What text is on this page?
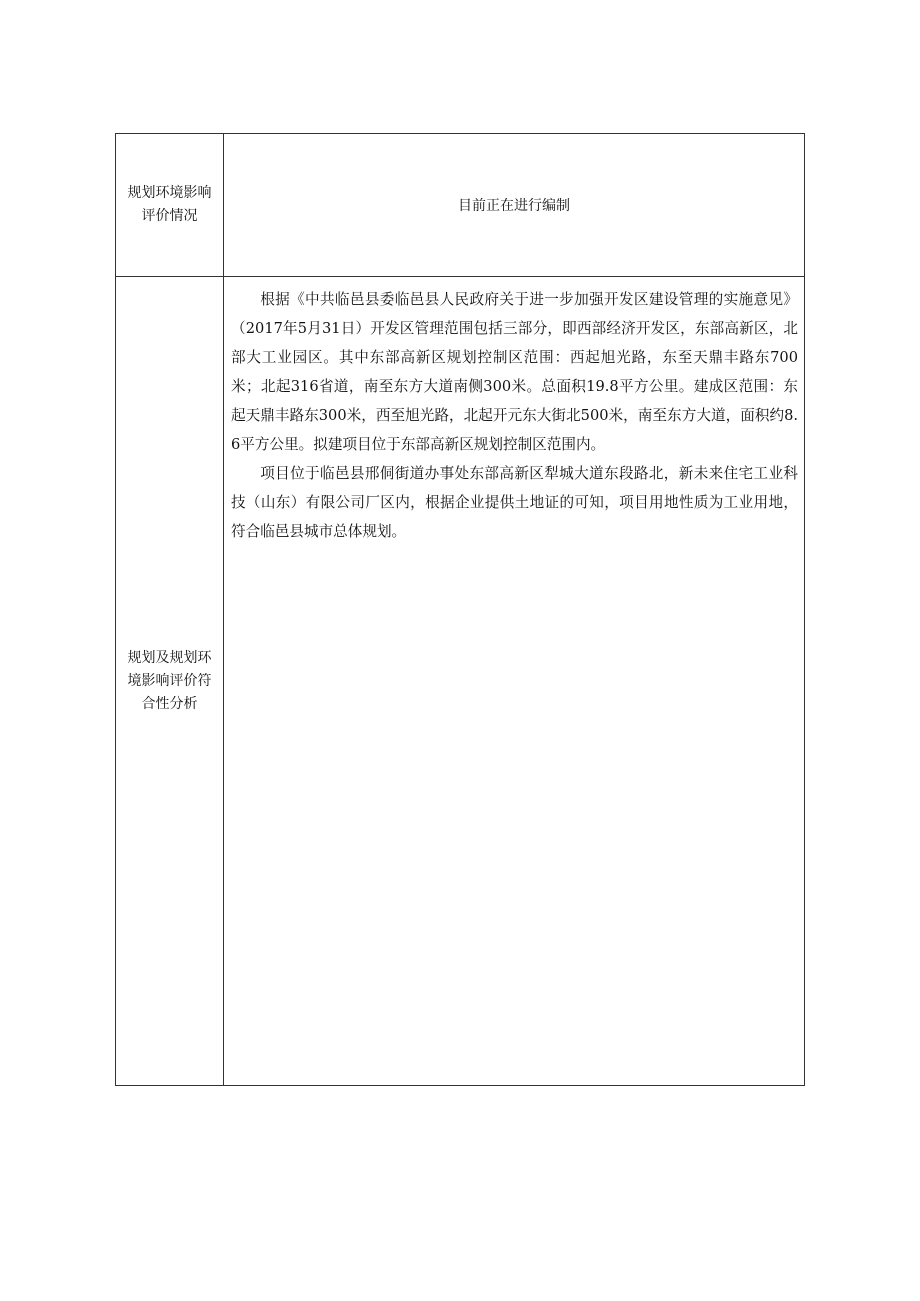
规划环境影响评价情况	目前正在进行编制
规划及规划环境影响评价符合性分析	根据《中共临邑县委临邑县人民政府关于进一步加强开发区建设管理的实施意见》（2017年5月31日）开发区管理范围包括三部分，即西部经济开发区，东部高新区，北部大工业园区。其中东部高新区规划控制区范围：西起旭光路，东至天鼎丰路东700米；北起316省道，南至东方大道南侧300米。总面积19.8平方公里。建成区范围：东起天鼎丰路东300米，西至旭光路，北起开元东大街北500米，南至东方大道，面积约8.6平方公里。拟建项目位于东部高新区规划控制区范围内。

项目位于临邑县邢侗街道办事处东部高新区犁城大道东段路北，新未来住宅工业科技（山东）有限公司厂区内，根据企业提供土地证的可知，项目用地性质为工业用地，符合临邑县城市总体规划。
